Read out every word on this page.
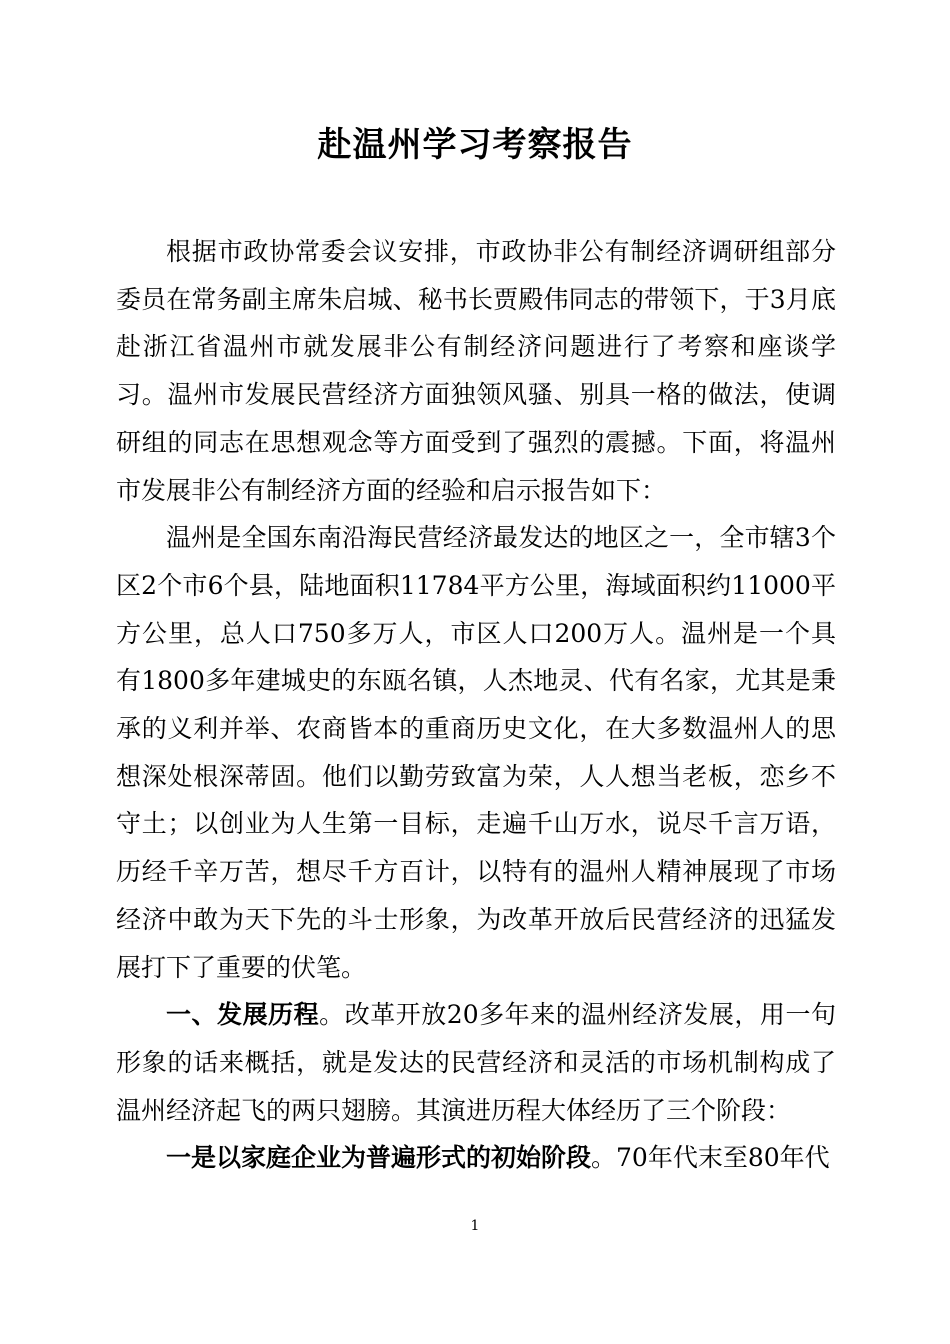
赴温州学习考察报告

根据市政协常委会议安排，市政协非公有制经济调研组部分委员在常务副主席朱启城、秘书长贾殿伟同志的带领下，于3月底赴浙江省温州市就发展非公有制经济问题进行了考察和座谈学习。温州市发展民营经济方面独领风骚、别具一格的做法，使调研组的同志在思想观念等方面受到了强烈的震撼。下面，将温州市发展非公有制经济方面的经验和启示报告如下：

温州是全国东南沿海民营经济最发达的地区之一，全市辖3个区2个市6个县，陆地面积11784平方公里，海域面积约11000平方公里，总人口750多万人，市区人口200万人。温州是一个具有1800多年建城史的东瓯名镇，人杰地灵、代有名家，尤其是秉承的义利并举、农商皆本的重商历史文化，在大多数温州人的思想深处根深蒂固。他们以勤劳致富为荣，人人想当老板，恋乡不守土；以创业为人生第一目标，走遍千山万水，说尽千言万语，历经千辛万苦，想尽千方百计，以特有的温州人精神展现了市场经济中敢为天下先的斗士形象，为改革开放后民营经济的迅猛发展打下了重要的伏笔。

一、发展历程。改革开放20多年来的温州经济发展，用一句形象的话来概括，就是发达的民营经济和灵活的市场机制构成了温州经济起飞的两只翅膀。其演进历程大体经历了三个阶段：

一是以家庭企业为普遍形式的初始阶段。70年代末至80年代

1
